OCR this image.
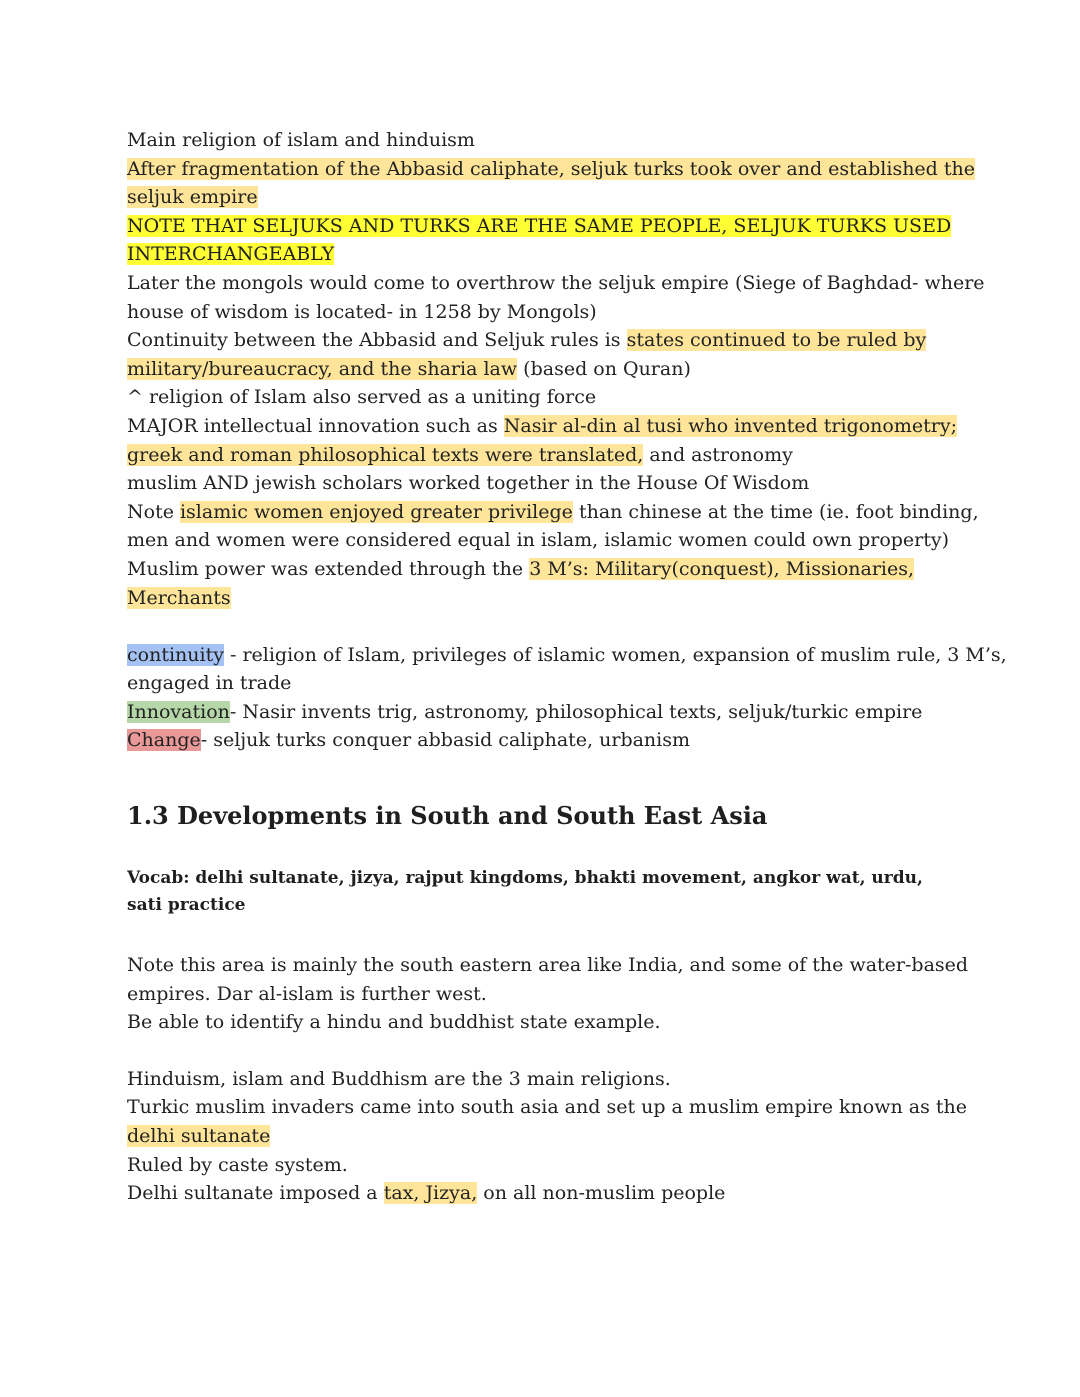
Main religion of islam and hinduism
After fragmentation of the Abbasid caliphate, seljuk turks took over and established the
seljuk empire
NOTE THAT SELJUKS AND TURKS ARE THE SAME PEOPLE, SELJUK TURKS USED
INTERCHANGEABLY
Later the mongols would come to overthrow the seljuk empire (Siege of Baghdad- where
house of wisdom is located- in 1258 by Mongols)
Continuity between the Abbasid and Seljuk rules is states continued to be ruled by
military/bureaucracy, and the sharia law (based on Quran)
^ religion of Islam also served as a uniting force
MAJOR intellectual innovation such as Nasir al-din al tusi who invented trigonometry;
greek and roman philosophical texts were translated, and astronomy
muslim AND jewish scholars worked together in the House Of Wisdom
Note islamic women enjoyed greater privilege than chinese at the time (ie. foot binding,
men and women were considered equal in islam, islamic women could own property)
Muslim power was extended through the 3 M’s: Military(conquest), Missionaries,
Merchants
continuity - religion of Islam, privileges of islamic women, expansion of muslim rule, 3 M’s,
engaged in trade
Innovation- Nasir invents trig, astronomy, philosophical texts, seljuk/turkic empire
Change- seljuk turks conquer abbasid caliphate, urbanism
1.3 Developments in South and South East Asia
Vocab: delhi sultanate, jizya, rajput kingdoms, bhakti movement, angkor wat, urdu, sati practice
Note this area is mainly the south eastern area like India, and some of the water-based
empires. Dar al-islam is further west.
Be able to identify a hindu and buddhist state example.
Hinduism, islam and Buddhism are the 3 main religions.
Turkic muslim invaders came into south asia and set up a muslim empire known as the
delhi sultanate
Ruled by caste system.
Delhi sultanate imposed a tax, Jizya, on all non-muslim people
